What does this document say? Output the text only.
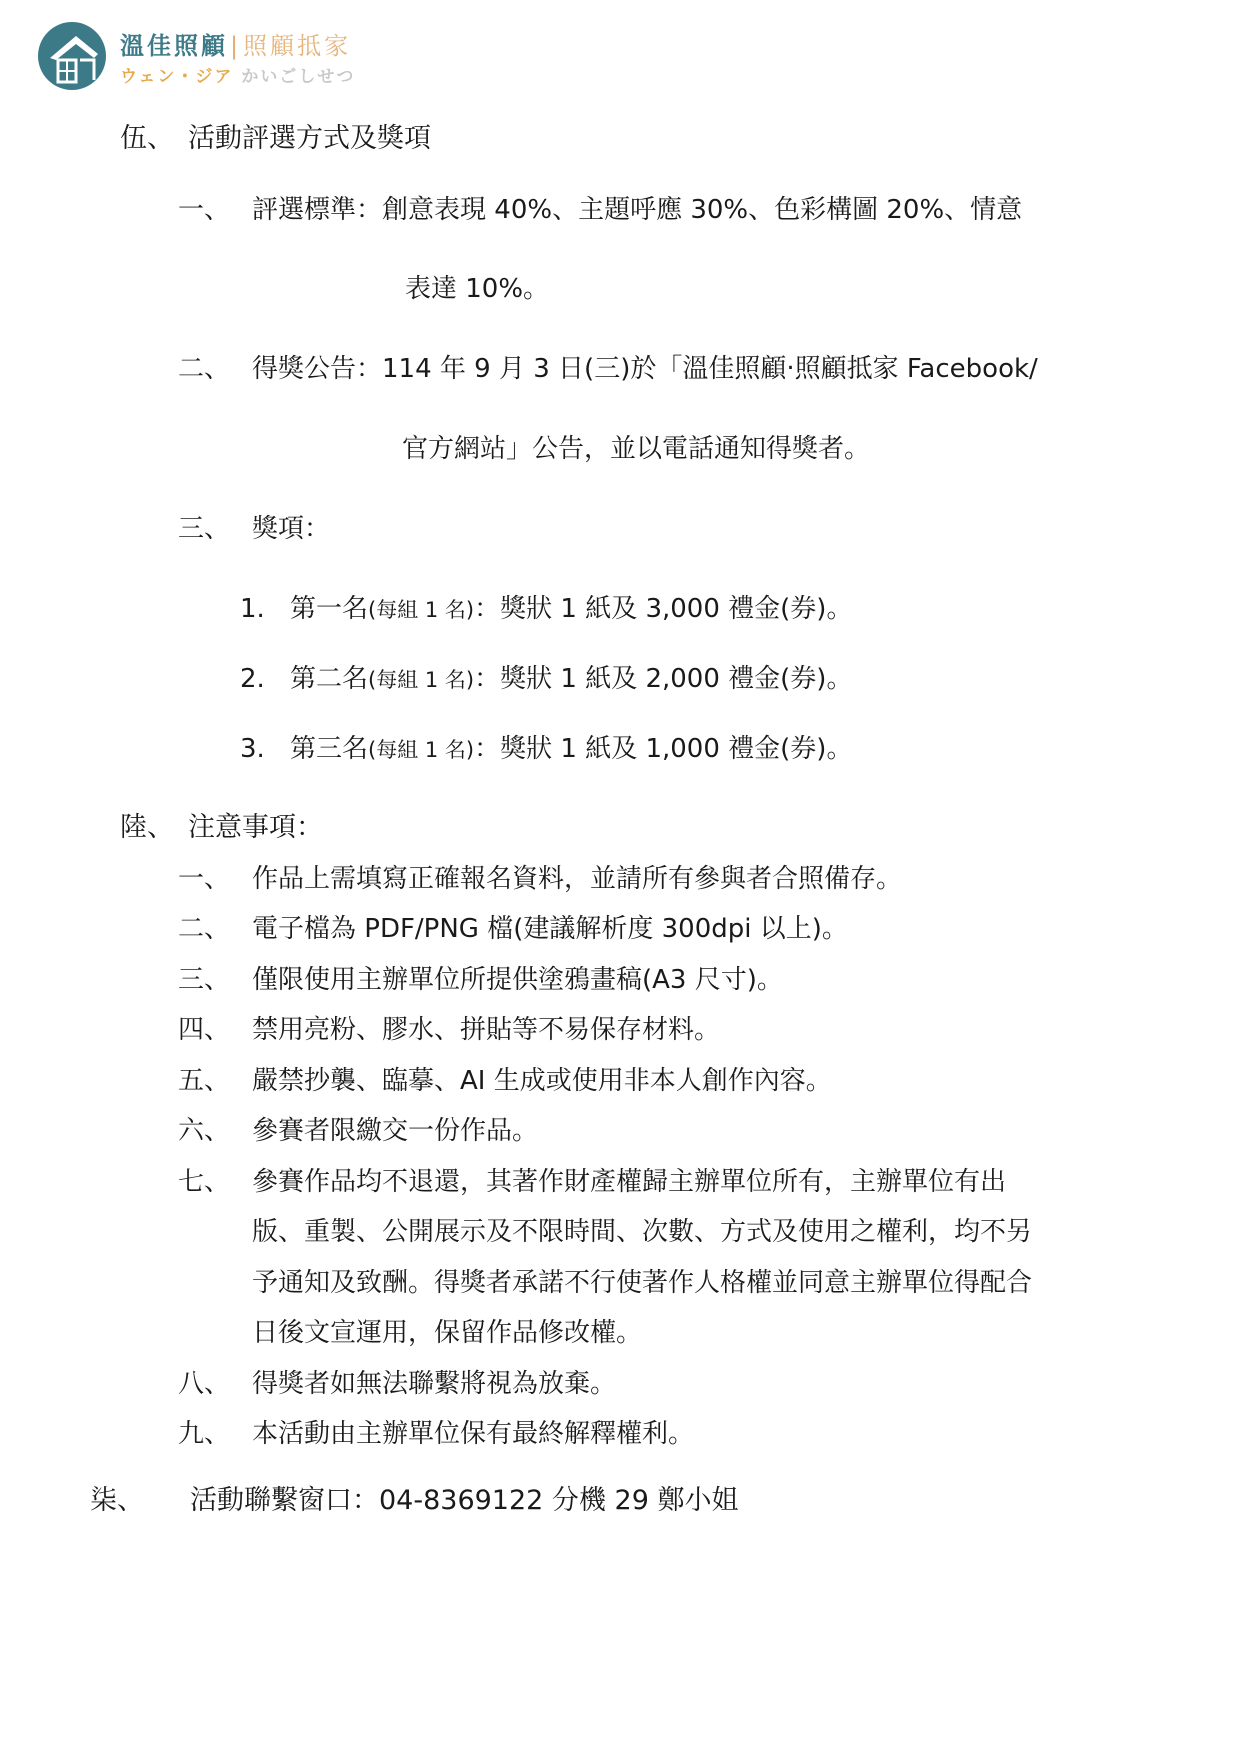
溫佳照顧|照顧抵家
ウェン・ジア かいごしせつ
伍、 活動評選方式及獎項
一、 評選標準：創意表現 40%、主題呼應 30%、色彩構圖 20%、情意
表達 10%。
二、 得獎公告：114 年 9 月 3 日(三)於「溫佳照顧‧照顧抵家 Facebook/
官方網站」公告，並以電話通知得獎者。
三、 獎項：
1. 第一名(每組 1 名)：獎狀 1 紙及 3,000 禮金(券)。
2. 第二名(每組 1 名)：獎狀 1 紙及 2,000 禮金(券)。
3. 第三名(每組 1 名)：獎狀 1 紙及 1,000 禮金(券)。
陸、 注意事項：
一、 作品上需填寫正確報名資料，並請所有參與者合照備存。
二、 電子檔為 PDF/PNG 檔(建議解析度 300dpi 以上)。
三、 僅限使用主辦單位所提供塗鴉畫稿(A3 尺寸)。
四、 禁用亮粉、膠水、拼貼等不易保存材料。
五、 嚴禁抄襲、臨摹、AI 生成或使用非本人創作內容。
六、 參賽者限繳交一份作品。
七、 參賽作品均不退還，其著作財產權歸主辦單位所有，主辦單位有出
版、重製、公開展示及不限時間、次數、方式及使用之權利，均不另
予通知及致酬。得獎者承諾不行使著作人格權並同意主辦單位得配合
日後文宣運用，保留作品修改權。
八、 得獎者如無法聯繫將視為放棄。
九、 本活動由主辦單位保有最終解釋權利。
柒、 活動聯繫窗口：04-8369122 分機 29 鄭小姐
